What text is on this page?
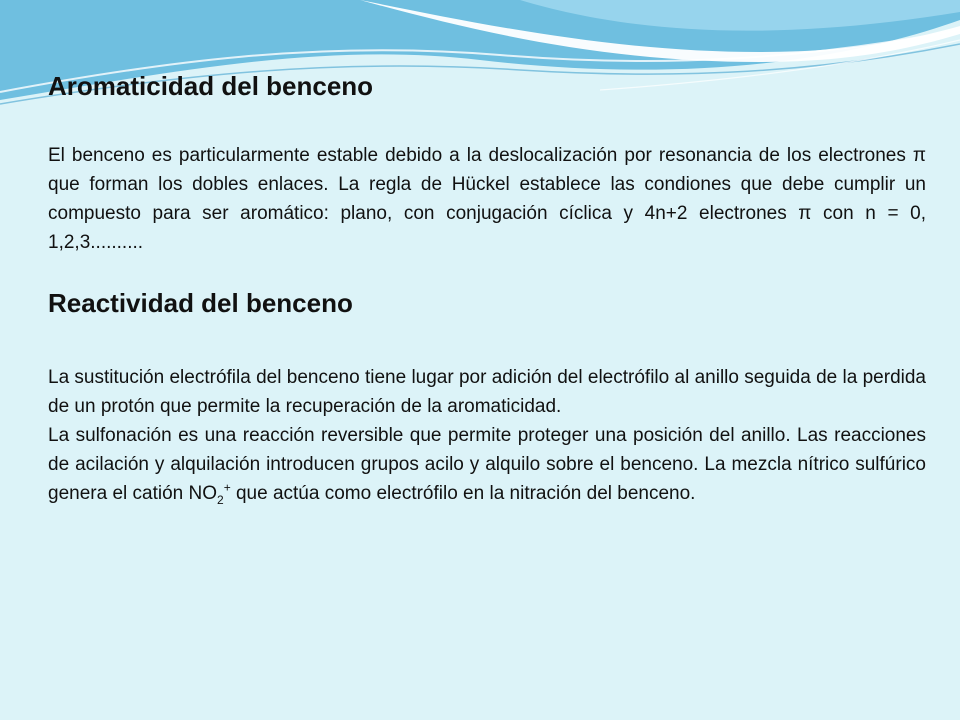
Aromaticidad del benceno

El benceno es particularmente estable debido a la deslocalización por resonancia de los electrones π que forman los dobles enlaces. La regla de Hückel establece las condiones que debe cumplir un compuesto para ser aromático: plano, con conjugación cíclica y 4n+2 electrones π con n = 0, 1,2,3..........

Reactividad del benceno

La sustitución electrófila del benceno tiene lugar por adición del electrófilo al anillo seguida de la perdida de un protón que permite la recuperación de la aromaticidad.

La sulfonación es una reacción reversible que permite proteger una posición del anillo. Las reacciones de acilación y alquilación introducen grupos acilo y alquilo sobre el benceno. La mezcla nítrico sulfúrico genera el catión $NO_2^+$ que actúa como electrófilo en la nitración del benceno.
